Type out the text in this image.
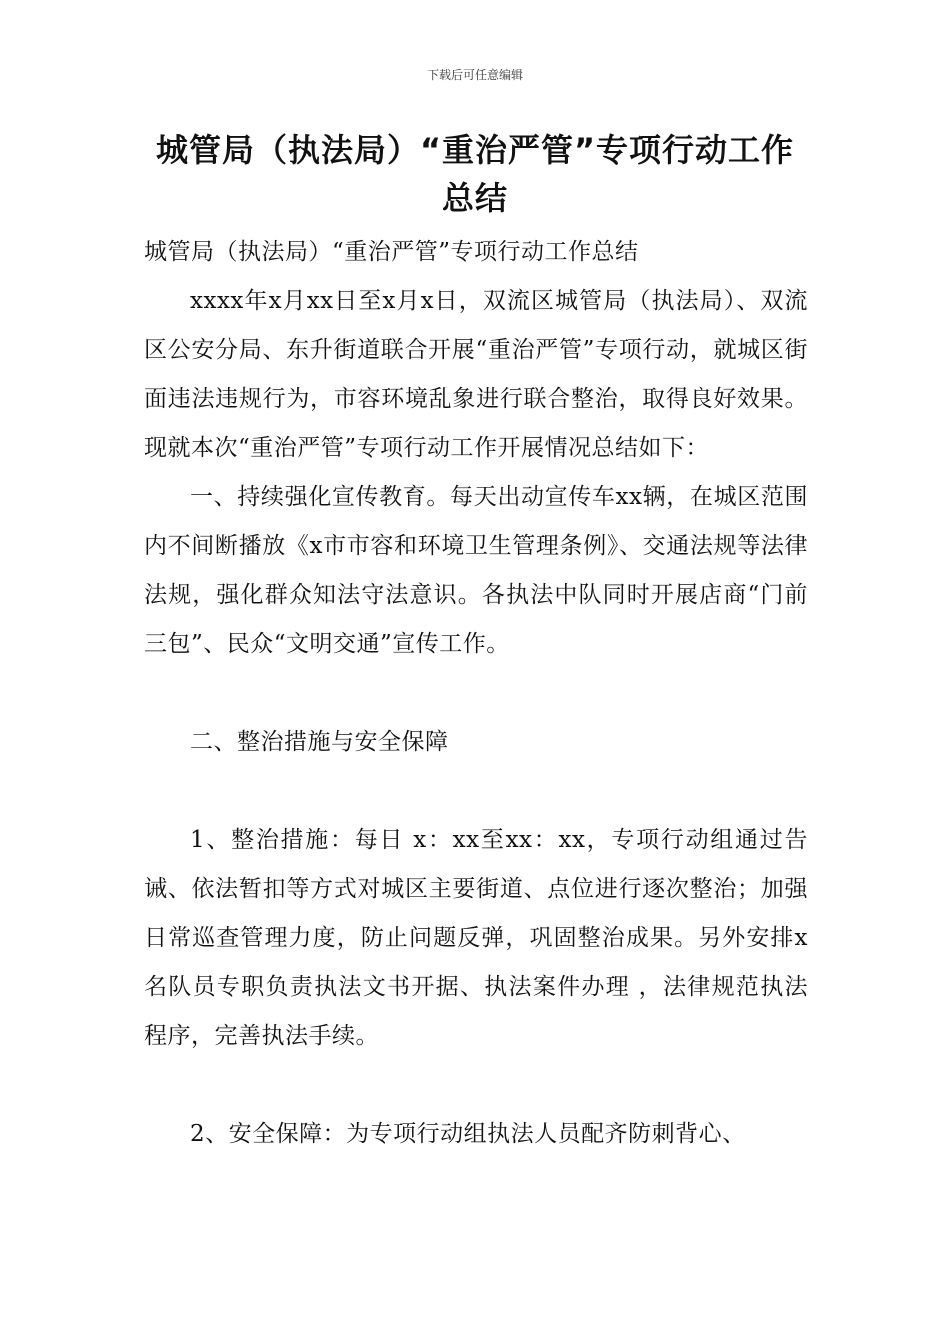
下载后可任意编辑
城管局（执法局）“重治严管”专项行动工作总结

城管局（执法局）“重治严管”专项行动工作总结

xxxx年x月xx日至x月x日，双流区城管局（执法局）、双流区公安分局、东升街道联合开展“重治严管”专项行动，就城区街面违法违规行为，市容环境乱象进行联合整治，取得良好效果。现就本次“重治严管”专项行动工作开展情况总结如下：

一、持续强化宣传教育。每天出动宣传车xx辆，在城区范围内不间断播放《x市市容和环境卫生管理条例》、交通法规等法律法规，强化群众知法守法意识。各执法中队同时开展店商“门前三包”、民众“文明交通”宣传工作。

二、整治措施与安全保障

1、整治措施：每日 x：xx至xx：xx，专项行动组通过告诫、依法暂扣等方式对城区主要街道、点位进行逐次整治；加强日常巡查管理力度，防止问题反弹，巩固整治成果。另外安排x名队员专职负责执法文书开据、执法案件办理 ，法律规范执法程序，完善执法手续。

2、安全保障：为专项行动组执法人员配齐防刺背心、
